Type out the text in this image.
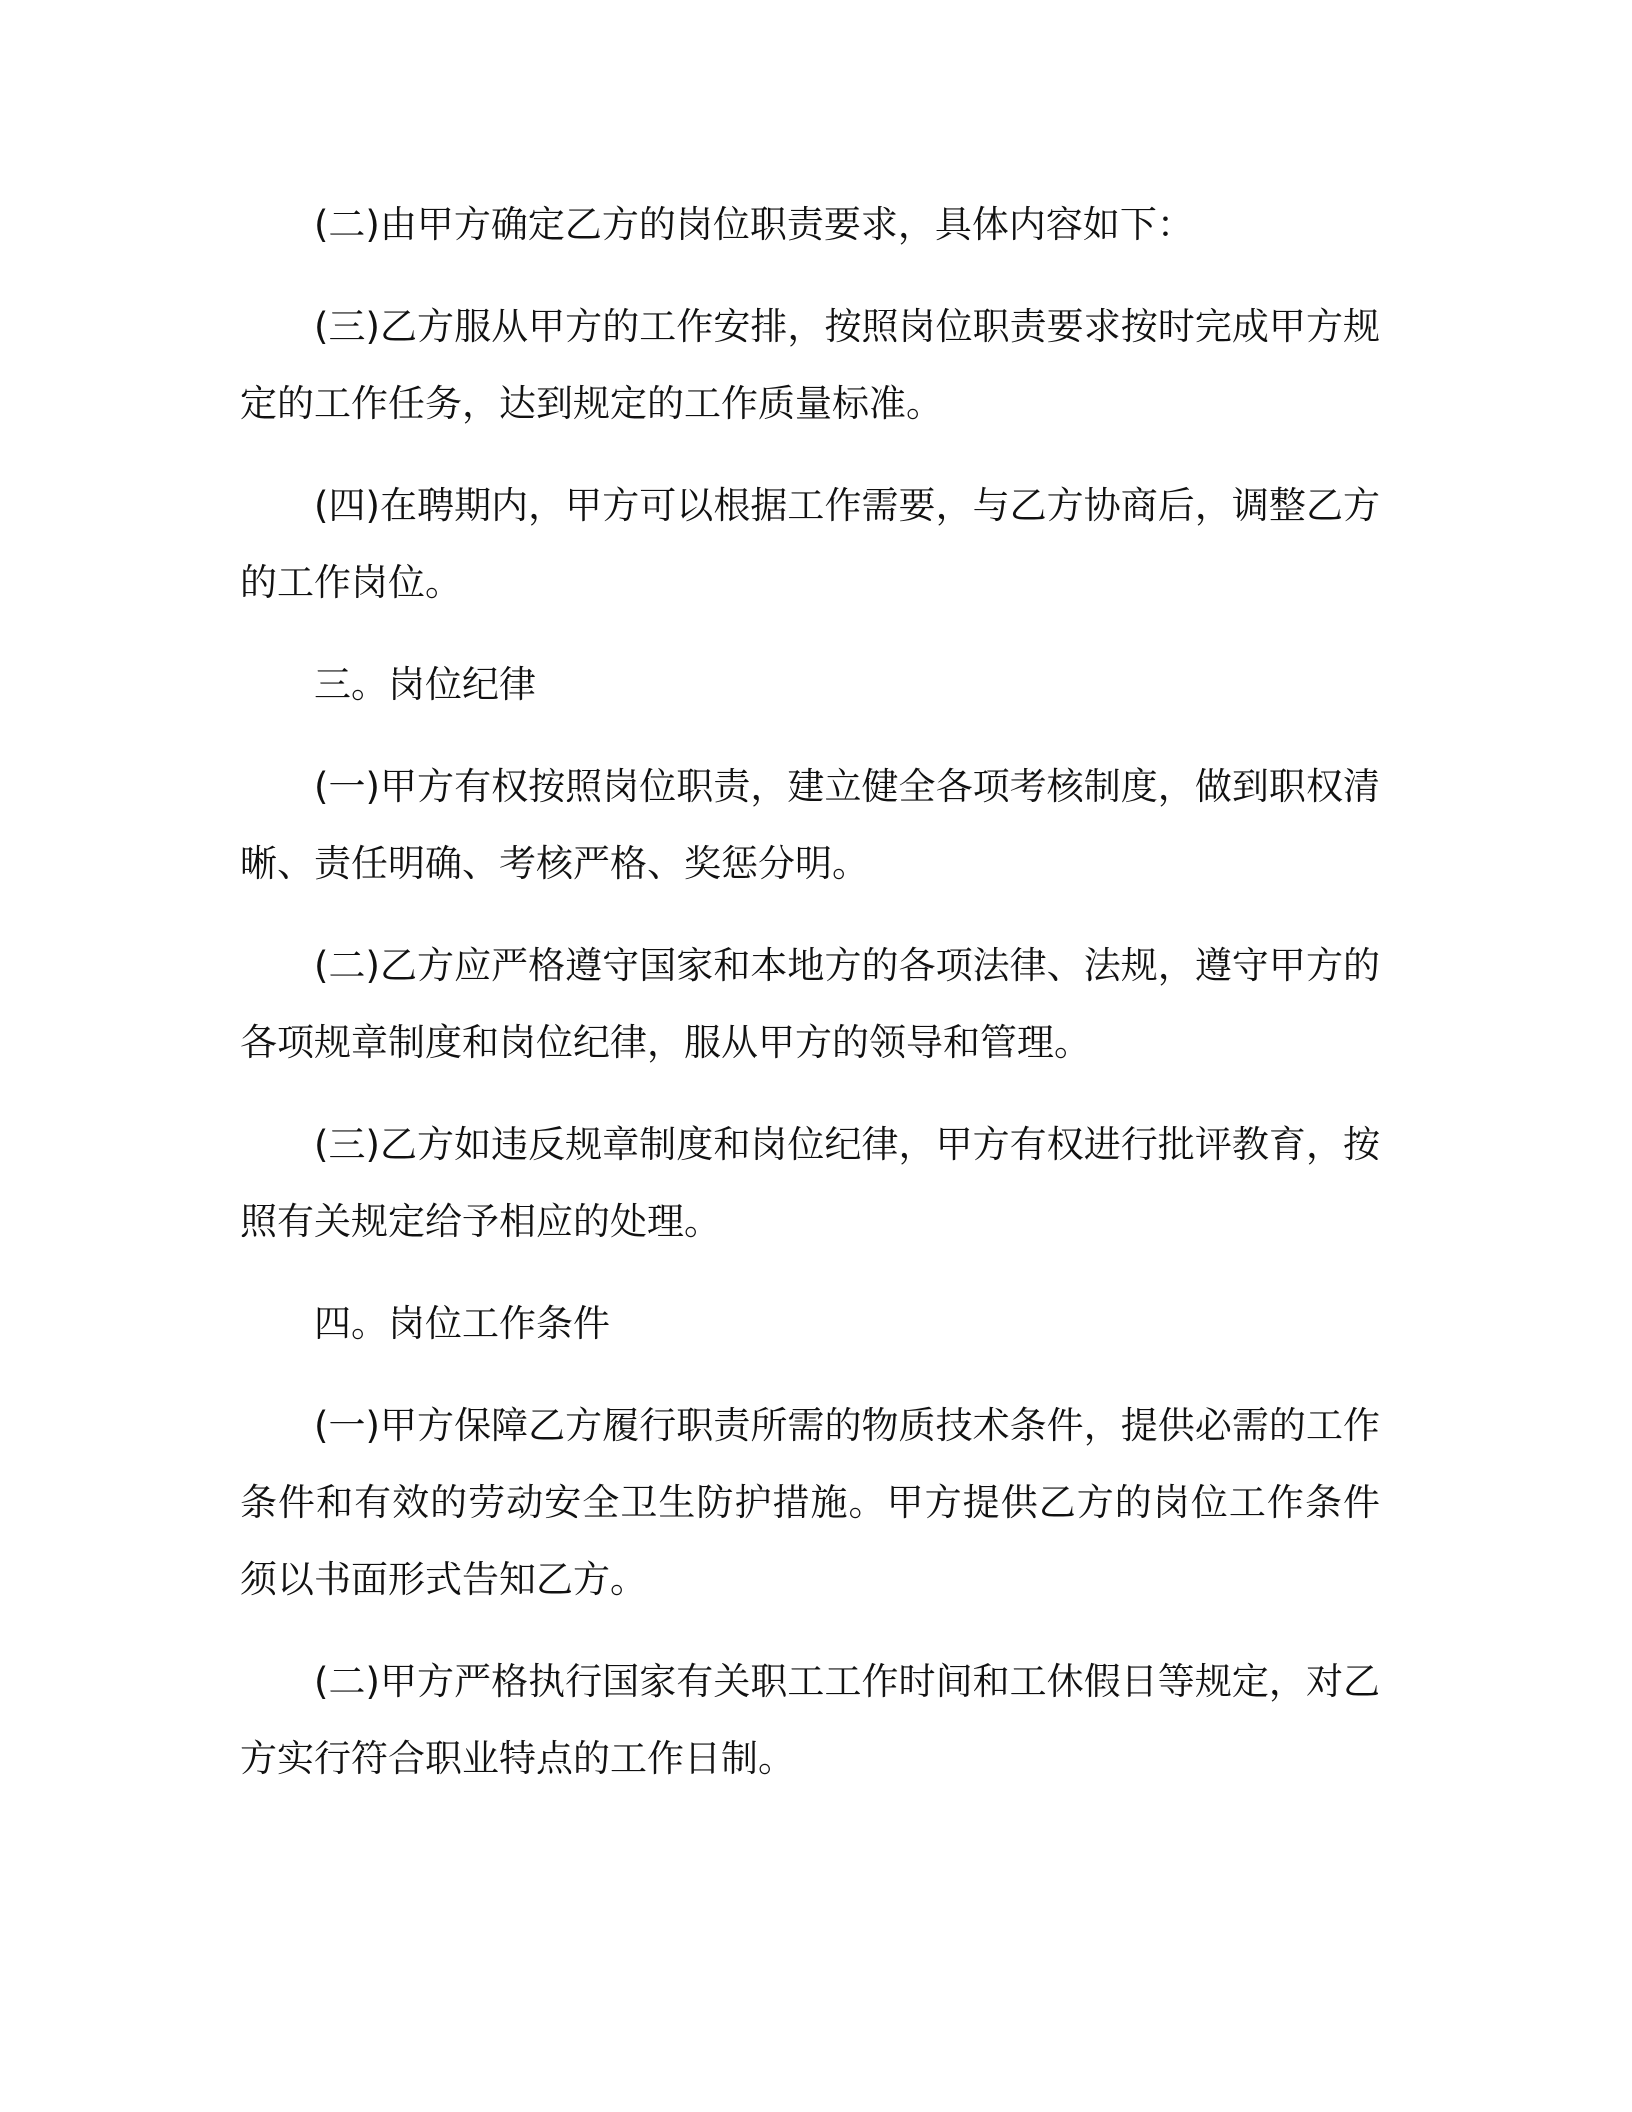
(二)由甲方确定乙方的岗位职责要求，具体内容如下：

(三)乙方服从甲方的工作安排，按照岗位职责要求按时完成甲方规定的工作任务，达到规定的工作质量标准。

(四)在聘期内，甲方可以根据工作需要，与乙方协商后，调整乙方的工作岗位。

三。岗位纪律

(一)甲方有权按照岗位职责，建立健全各项考核制度，做到职权清晰、责任明确、考核严格、奖惩分明。

(二)乙方应严格遵守国家和本地方的各项法律、法规，遵守甲方的各项规章制度和岗位纪律，服从甲方的领导和管理。

(三)乙方如违反规章制度和岗位纪律，甲方有权进行批评教育，按照有关规定给予相应的处理。

四。岗位工作条件

(一)甲方保障乙方履行职责所需的物质技术条件，提供必需的工作条件和有效的劳动安全卫生防护措施。甲方提供乙方的岗位工作条件须以书面形式告知乙方。

(二)甲方严格执行国家有关职工工作时间和工休假日等规定，对乙方实行符合职业特点的工作日制。
